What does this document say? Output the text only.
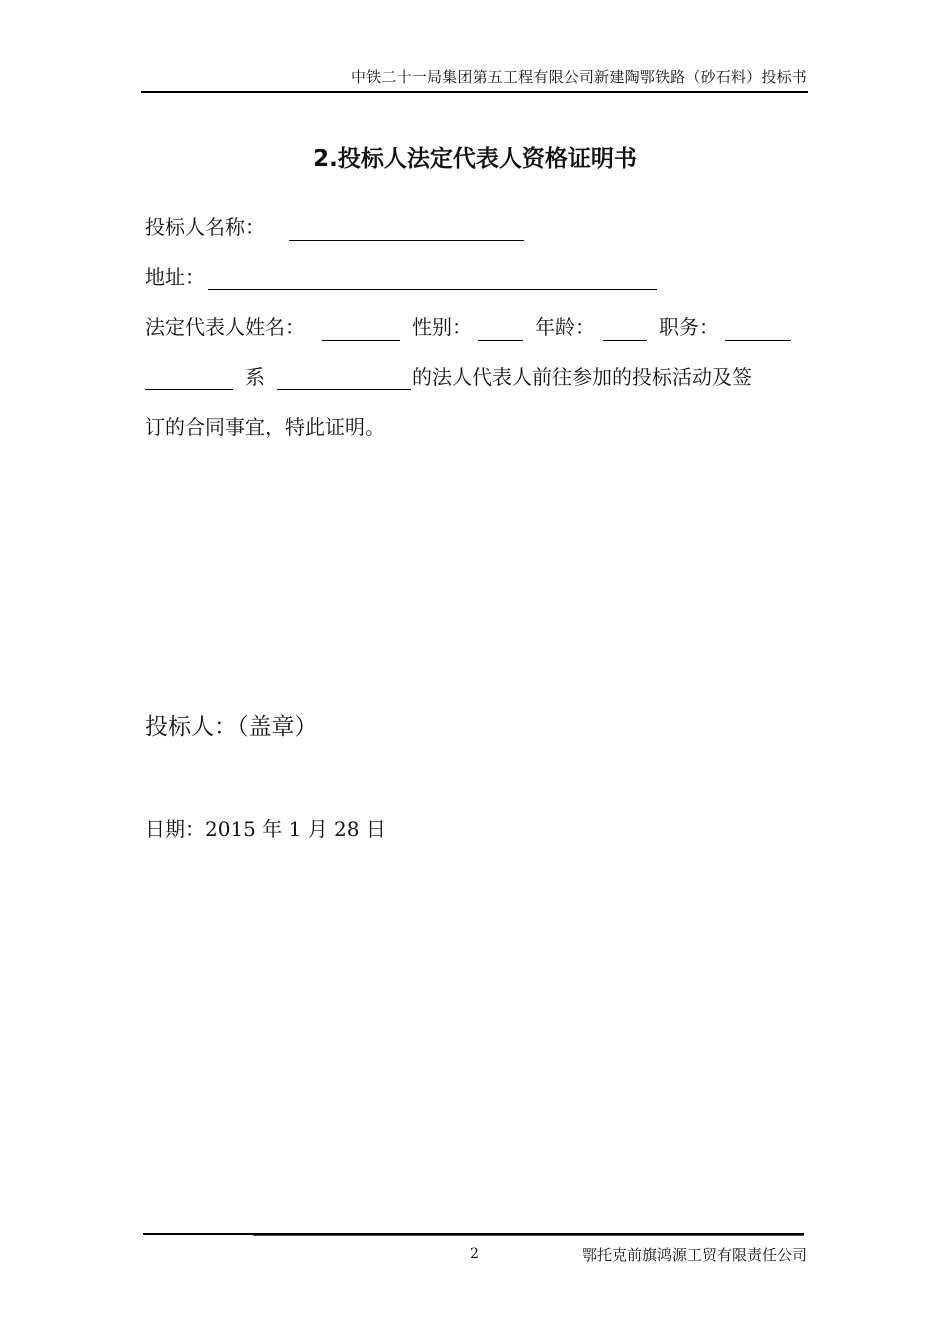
中铁二十一局集团第五工程有限公司新建陶鄂铁路（砂石料）投标书
2.投标人法定代表人资格证明书
投标人名称：
地址：
法定代表人姓名：	性别：	年龄：	职务：
系	的法人代表人前往参加的投标活动及签
订的合同事宜，特此证明。
投标人：（盖章）
日期：2015 年 1 月 28 日
2	鄂托克前旗鸿源工贸有限责任公司
